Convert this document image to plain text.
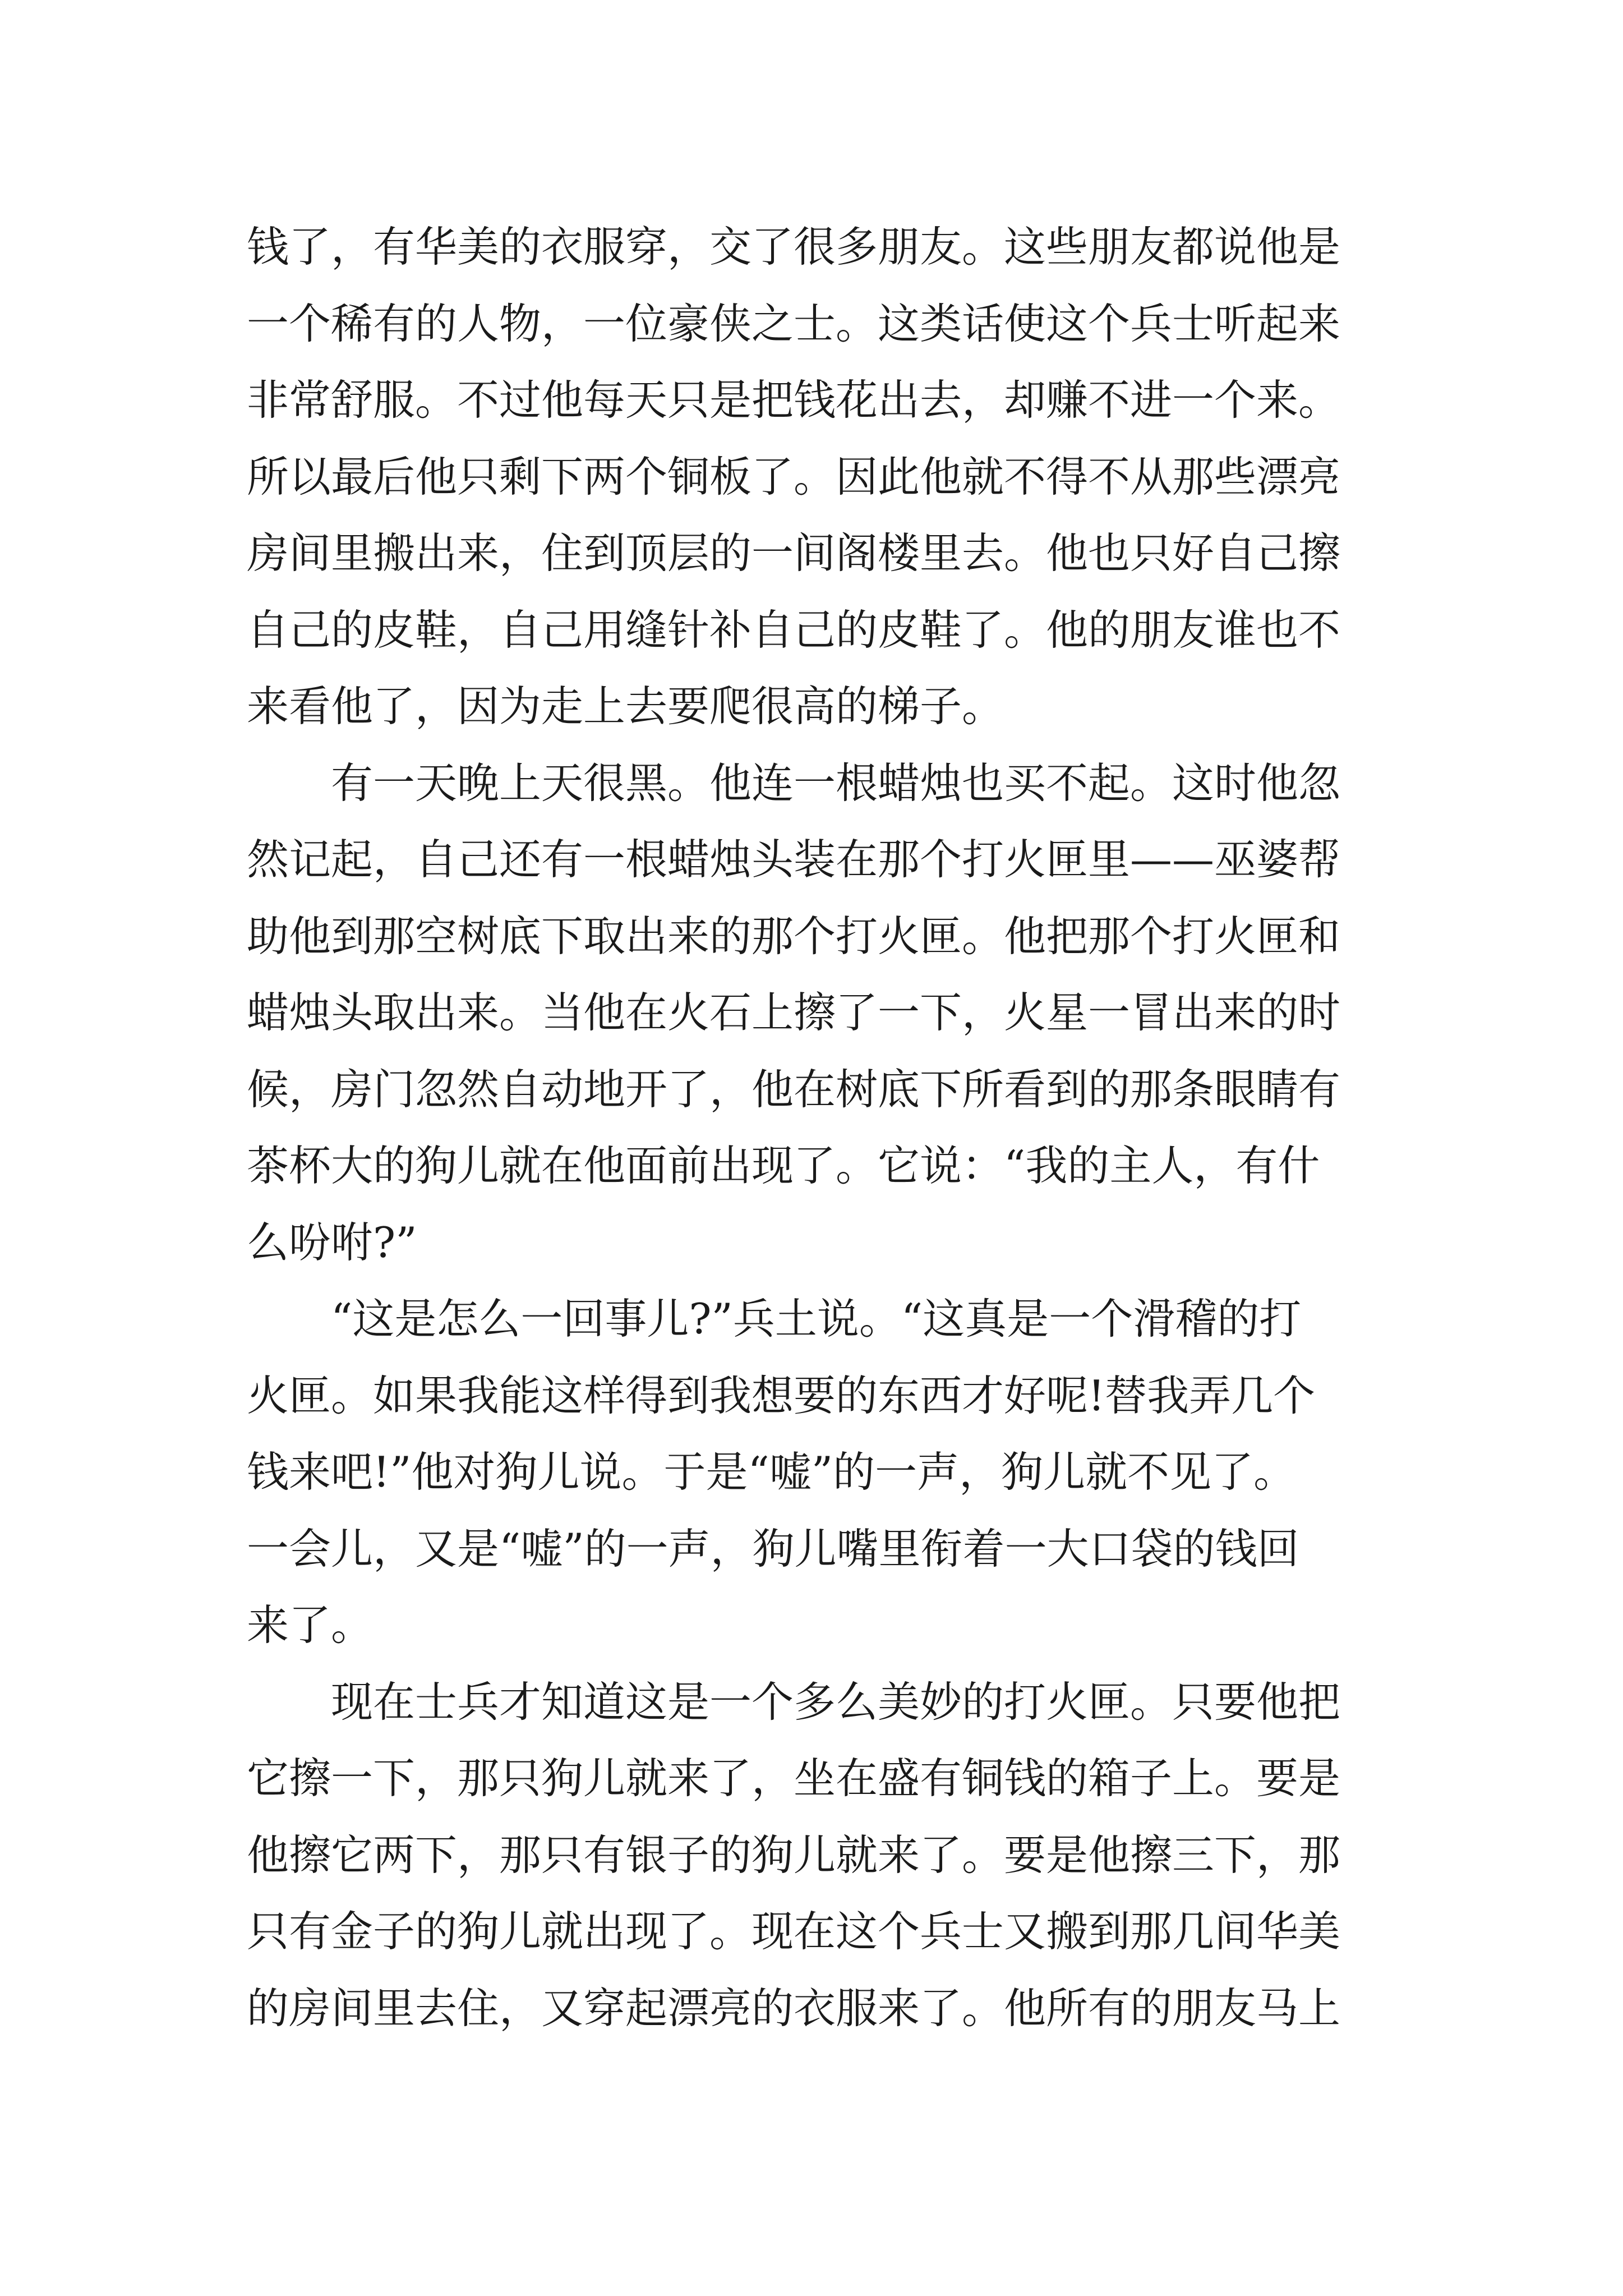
钱了，有华美的衣服穿，交了很多朋友。这些朋友都说他是
一个稀有的人物，一位豪侠之士。这类话使这个兵士听起来
非常舒服。不过他每天只是把钱花出去，却赚不进一个来。
所以最后他只剩下两个铜板了。因此他就不得不从那些漂亮
房间里搬出来，住到顶层的一间阁楼里去。他也只好自己擦
自己的皮鞋，自己用缝针补自己的皮鞋了。他的朋友谁也不
来看他了，因为走上去要爬很高的梯子。
有一天晚上天很黑。他连一根蜡烛也买不起。这时他忽
然记起，自己还有一根蜡烛头装在那个打火匣里——巫婆帮
助他到那空树底下取出来的那个打火匣。他把那个打火匣和
蜡烛头取出来。当他在火石上擦了一下，火星一冒出来的时
候，房门忽然自动地开了，他在树底下所看到的那条眼睛有
茶杯大的狗儿就在他面前出现了。它说：“我的主人，有什
么吩咐?”
“这是怎么一回事儿?”兵土说。“这真是一个滑稽的打
火匣。如果我能这样得到我想要的东西才好呢!替我弄几个
钱来吧!”他对狗儿说。于是“嘘”的一声，狗儿就不见了。
一会儿，又是“嘘”的一声，狗儿嘴里衔着一大口袋的钱回
来了。
现在士兵才知道这是一个多么美妙的打火匣。只要他把
它擦一下，那只狗儿就来了，坐在盛有铜钱的箱子上。要是
他擦它两下，那只有银子的狗儿就来了。要是他擦三下，那
只有金子的狗儿就出现了。现在这个兵士又搬到那几间华美
的房间里去住，又穿起漂亮的衣服来了。他所有的朋友马上
